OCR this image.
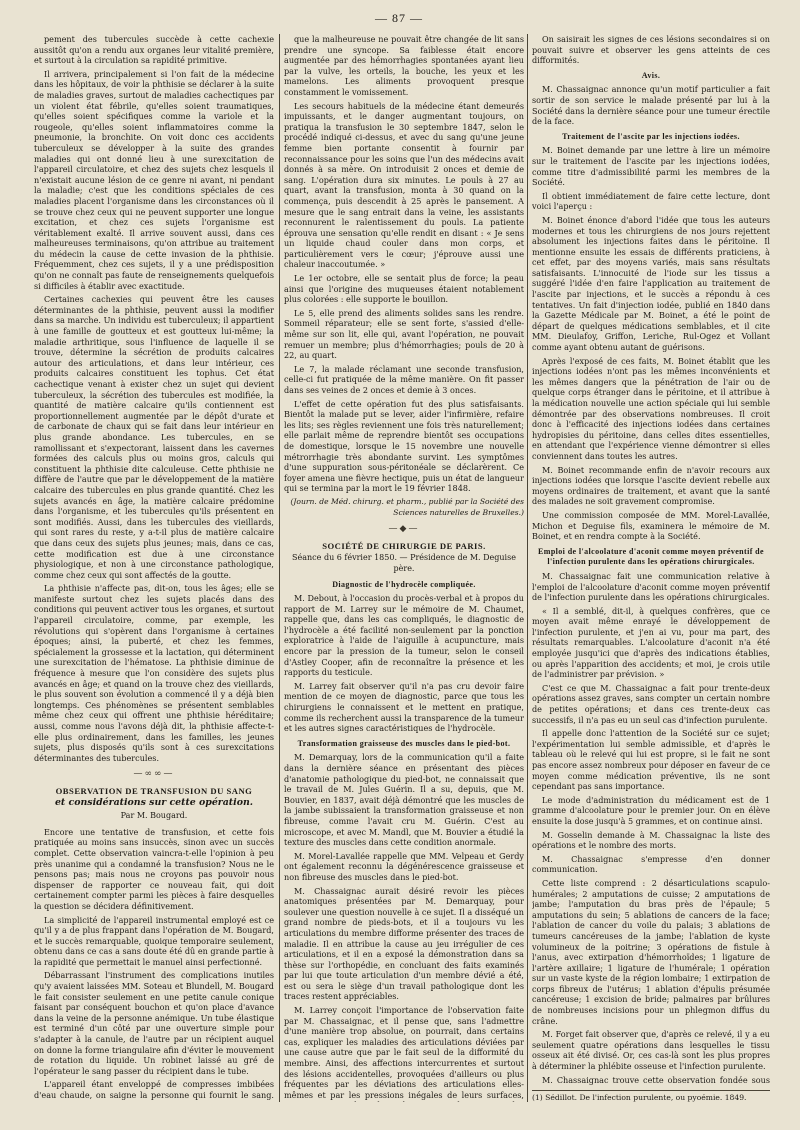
— 87 —

pement des tubercules succède à cette cachexie aussitôt qu'on a rendu aux organes leur vitalité première, et surtout à la circulation sa rapidité primitive.

Il arrivera, principalement si l'on fait de la médecine dans les hôpitaux, de voir la phthisie se déclarer à la suite de maladies graves, surtout de maladies cachectiques par un violent état fébrile, qu'elles soient traumatiques, qu'elles soient spécifiques comme la variole et la rougeole, qu'elles soient inflammatoires comme la pneumonie, la bronchite. On voit donc ces accidents tuberculeux se développer à la suite des grandes maladies qui ont donné lieu à une surexcitation de l'appareil circulatoire, et chez des sujets chez lesquels il n'existait aucune lésion de ce genre ni avant, ni pendant la maladie; c'est que les conditions spéciales de ces maladies placent l'organisme dans les circonstances où il se trouve chez ceux qui ne peuvent supporter une longue excitation, et chez ces sujets l'organisme est véritablement exalté. Il arrive souvent aussi, dans ces malheureuses terminaisons, qu'on attribue au traitement du médecin la cause de cette invasion de la phthisie. Fréquemment, chez ces sujets, il y a une prédisposition qu'on ne connaît pas faute de renseignements quelquefois si difficiles à établir avec exactitude.

Certaines cachexies qui peuvent être les causes déterminantes de la phthisie, peuvent aussi la modifier dans sa marche. Un individu est tuberculeux; il appartient à une famille de goutteux et est goutteux lui-même; la maladie arthritique, sous l'influence de laquelle il se trouve, détermine la sécrétion de produits calcaires autour des articulations, et dans leur intérieur, ces produits calcaires constituent les tophus. Cet état cachectique venant à exister chez un sujet qui devient tuberculeux, la sécrétion des tubercules est modifiée, la quantité de matière calcaire qu'ils contiennent est proportionnellement augmentée par le dépôt d'urate et de carbonate de chaux qui se fait dans leur intérieur en plus grande abondance. Les tubercules, en se ramollissant et s'expectorant, laissent dans les cavernes formées des calculs plus ou moins gros, calculs qui constituent la phthisie dite calculeuse. Cette phthisie ne diffère de l'autre que par le développement de la matière calcaire des tubercules en plus grande quantité. Chez les sujets avancés en âge, la matière calcaire prédomine dans l'organisme, et les tubercules qu'ils présentent en sont modifiés. Aussi, dans les tubercules des vieillards, qui sont rares du reste, y a-t-il plus de matière calcaire que dans ceux des sujets plus jeunes; mais, dans ce cas, cette modification est due à une circonstance physiologique, et non à une circonstance pathologique, comme chez ceux qui sont affectés de la goutte.

La phthisie n'affecte pas, dit-on, tous les âges; elle se manifeste surtout chez les sujets placés dans des conditions qui peuvent activer tous les organes, et surtout l'appareil circulatoire, comme, par exemple, les révolutions qui s'opèrent dans l'organisme à certaines époques; ainsi, la puberté, et chez les femmes, spécialement la grossesse et la lactation, qui déterminent une surexcitation de l'hématose. La phthisie diminue de fréquence à mesure que l'on considère des sujets plus avancés en âge; et quand on la trouve chez des vieillards, le plus souvent son évolution a commencé il y a déjà bien longtemps. Ces phénomènes se présentent semblables même chez ceux qui offrent une phthisie héréditaire; aussi, comme nous l'avons déjà dit, la phthisie affecte-t-elle plus ordinairement, dans les familles, les jeunes sujets, plus disposés qu'ils sont à ces surexcitations déterminantes des tubercules.

—∞∞—
OBSERVATION DE TRANSFUSION DU SANG
et considérations sur cette opération.
Par M. Bougard.

Encore une tentative de transfusion, et cette fois pratiquée au moins sans insuccès, sinon avec un succès complet. Cette observation vaincra-t-elle l'opinion à peu près unanime qui a condamné la transfusion? Nous ne le pensons pas; mais nous ne croyons pas pouvoir nous dispenser de rapporter ce nouveau fait, qui doit certainement compter parmi les pièces à faire desquelles la question se décidera définitivement.

La simplicité de l'appareil instrumental employé est ce qu'il y a de plus frappant dans l'opération de M. Bougard, et le succès remarquable, quoique temporaire seulement, obtenu dans ce cas a sans doute été dû en grande partie à la rapidité que permettait le manuel ainsi perfectionné.

Débarrassant l'instrument des complications inutiles qu'y avaient laissées MM. Soteau et Blundell, M. Bougard le fait consister seulement en une petite canule conique faisant par conséquent bouchon et qu'on place d'avance dans la veine de la personne anémique. Un tube élastique est terminé d'un côté par une ouverture simple pour s'adapter à la canule, de l'autre par un récipient auquel on donne la forme triangulaire afin d'éviter le mouvement de rotation du liquide. Un robinet laissé au gré de l'opérateur le sang passer du récipient dans le tube.

L'appareil étant enveloppé de compresses imbibées d'eau chaude, on saigne la personne qui fournit le sang.

que la malheureuse ne pouvait être changée de lit sans prendre une syncope. Sa faiblesse était encore augmentée par des hémorrhagies spontanées ayant lieu par la vulve, les orteils, la bouche, les yeux et les mamelons. Les aliments provoquent presque constamment le vomissement.

Les secours habituels de la médecine étant demeurés impuissants, et le danger augmentant toujours, on pratiqua la transfusion le 30 septembre 1847, selon le procédé indiqué ci-dessus, et avec du sang qu'une jeune femme bien portante consentit à fournir par reconnaissance pour les soins que l'un des médecins avait donnés à sa mère. On introduisit 2 onces et demie de sang. L'opération dura six minutes. Le pouls à 27 au quart, avant la transfusion, monta à 30 quand on la commença, puis descendit à 25 après le pansement. A mesure que le sang entrait dans la veine, les assistants reconnurent le ralentissement du pouls. La patiente éprouva une sensation qu'elle rendit en disant : « Je sens un liquide chaud couler dans mon corps, et particulièrement vers le cœur; j'éprouve aussi une chaleur inaccoutumée. »

Le 1er octobre, elle se sentait plus de force; la peau ainsi que l'origine des muqueuses étaient notablement plus colorées : elle supporte le bouillon.

Le 5, elle prend des aliments solides sans les rendre. Sommeil réparateur; elle se sent forte, s'assied d'elle-même sur son lit, elle qui, avant l'opération, ne pouvait remuer un membre; plus d'hémorrhagies; pouls de 20 à 22, au quart.

Le 7, la malade réclamant une seconde transfusion, celle-ci fut pratiquée de la même manière. On fit passer dans ses veines de 2 onces et demie à 3 onces.

L'effet de cette opération fut des plus satisfaisants. Bientôt la malade put se lever, aider l'infirmière, refaire les lits; ses règles reviennent une fois très naturellement; elle parlait même de reprendre bientôt ses occupations de domestique, lorsque le 15 novembre une nouvelle métrorrhagie très abondante survint. Les symptômes d'une suppuration sous-péritonéale se déclarèrent. Ce foyer amena une fièvre hectique, puis un état de langueur qui se termina par la mort le 19 février 1848.

(Journ. de Méd. chirurg. et pharm., publié par la Société des Sciences naturelles de Bruxelles.)
—◆—
SOCIÉTÉ DE CHIRURGIE DE PARIS.
Séance du 6 février 1850. — Présidence de M. Deguise père.
Diagnostic de l'hydrocèle compliquée.

M. Debout, à l'occasion du procès-verbal et à propos du rapport de M. Larrey sur le mémoire de M. Chaumet, rappelle que, dans les cas compliqués, le diagnostic de l'hydrocèle a été facilité non-seulement par la ponction exploratrice à l'aide de l'aiguille à acupuncture, mais encore par la pression de la tumeur, selon le conseil d'Astley Cooper, afin de reconnaître la présence et les rapports du testicule.

M. Larrey fait observer qu'il n'a pas cru devoir faire mention de ce moyen de diagnostic, parce que tous les chirurgiens le connaissent et le mettent en pratique, comme ils recherchent aussi la transparence de la tumeur et les autres signes caractéristiques de l'hydrocèle.

Transformation graisseuse des muscles dans le pied-bot.

M. Demarquay, lors de la communication qu'il a faite dans la dernière séance en présentant des pièces d'anatomie pathologique du pied-bot, ne connaissait que le travail de M. Jules Guérin. Il a su, depuis, que M. Bouvier, en 1837, avait déjà démontré que les muscles de la jambe subissaient la transformation graisseuse et non fibreuse, comme l'avait cru M. Guérin. C'est au microscope, et avec M. Mandl, que M. Bouvier a étudié la texture des muscles dans cette condition anormale.

M. Morel-Lavallée rappelle que MM. Velpeau et Gerdy ont également reconnu la dégénérescence graisseuse et non fibreuse des muscles dans le pied-bot.

M. Chassaignac aurait désiré revoir les pièces anatomiques présentées par M. Demarquay, pour soulever une question nouvelle à ce sujet. Il a disséqué un grand nombre de pieds-bots, et il a toujours vu les articulations du membre difforme présenter des traces de maladie. Il en attribue la cause au jeu irrégulier de ces articulations, et il en a exposé la démonstration dans sa thèse sur l'orthopédie, en concluant des faits examinés par lui que toute articulation d'un membre dévié a été, est ou sera le siège d'un travail pathologique dont les traces restent appréciables.

M. Larrey conçoit l'importance de l'observation faite par M. Chassaignac, et il pense que, sans l'admettre d'une manière trop absolue, on pourrait, dans certains cas, expliquer les maladies des articulations déviées par une cause autre que par le fait seul de la difformité du membre. Ainsi, des affections intercurrentes et surtout des lésions accidentelles, provoquées d'ailleurs ou plus fréquentes par les déviations des articulations elles-mêmes et par les pressions inégales de leurs surfaces,

On saisirait les signes de ces lésions secondaires si on pouvait suivre et observer les gens atteints de ces difformités.

Avis.

M. Chassaignac annonce qu'un motif particulier a fait sortir de son service le malade présenté par lui à la Société dans la dernière séance pour une tumeur érectile de la face.

Traitement de l'ascite par les injections iodées.

M. Boinet demande par une lettre à lire un mémoire sur le traitement de l'ascite par les injections iodées, comme titre d'admissibilité parmi les membres de la Société.

Il obtient immédiatement de faire cette lecture, dont voici l'aperçu :

M. Boinet énonce d'abord l'idée que tous les auteurs modernes et tous les chirurgiens de nos jours rejettent absolument les injections faites dans le péritoine. Il mentionne ensuite les essais de différents praticiens, à cet effet, par des moyens variés, mais sans résultats satisfaisants. L'innocuité de l'iode sur les tissus a suggéré l'idée d'en faire l'application au traitement de l'ascite par injections, et le succès a répondu à ces tentatives. Un fait d'injection iodée, publié en 1840 dans la Gazette Médicale par M. Boinet, a été le point de départ de quelques médications semblables, et il cite MM. Dieulafoy, Griffon, Leriche, Rul-Ogez et Vollant comme ayant obtenu autant de guérisons.

Après l'exposé de ces faits, M. Boinet établit que les injections iodées n'ont pas les mêmes inconvénients et les mêmes dangers que la pénétration de l'air ou de quelque corps étranger dans le péritoine, et il attribue à la médication nouvelle une action spéciale qui lui semble démontrée par des observations nombreuses. Il croit donc à l'efficacité des injections iodées dans certaines hydropisies du péritoine, dans celles dites essentielles, en attendant que l'expérience vienne démontrer si elles conviennent dans toutes les autres.

M. Boinet recommande enfin de n'avoir recours aux injections iodées que lorsque l'ascite devient rebelle aux moyens ordinaires de traitement, et avant que la santé des malades ne soit gravement compromise.

Une commission composée de MM. Morel-Lavallée, Michon et Deguise fils, examinera le mémoire de M. Boinet, et en rendra compte à la Société.

Emploi de l'alcoolature d'aconit comme moyen préventif de l'infection purulente dans les opérations chirurgicales.

M. Chassaignac fait une communication relative à l'emploi de l'alcoolature d'aconit comme moyen préventif de l'infection purulente dans les opérations chirurgicales.

« Il a semblé, dit-il, à quelques confrères, que ce moyen avait même enrayé le développement de l'infection purulente, et j'en ai vu, pour ma part, des résultats remarquables. L'alcoolature d'aconit n'a été employée jusqu'ici que d'après des indications établies, ou après l'apparition des accidents; et moi, je crois utile de l'administrer par prévision. »

C'est ce que M. Chassaignac a fait pour trente-deux opérations assez graves, sans compter un certain nombre de petites opérations; et dans ces trente-deux cas successifs, il n'a pas eu un seul cas d'infection purulente.

Il appelle donc l'attention de la Société sur ce sujet; l'expérimentation lui semble admissible, et d'après le tableau où le relevé qui lui est propre, si le fait ne sont pas encore assez nombreux pour déposer en faveur de ce moyen comme médication préventive, ils ne sont cependant pas sans importance.

Le mode d'administration du médicament est de 1 gramme d'alcoolature pour le premier jour. On en élève ensuite la dose jusqu'à 5 grammes, et on continue ainsi.

M. Gosselin demande à M. Chassaignac la liste des opérations et le nombre des morts.

M. Chassaignac s'empresse d'en donner communication.

Cette liste comprend : 2 désarticulations scapulo-humérales; 2 amputations de cuisse; 2 amputations de jambe; l'amputation du bras près de l'épaule; 5 amputations du sein; 5 ablations de cancers de la face; l'ablation de cancer du voile du palais; 3 ablations de tumeurs cancéreuses de la jambe; l'ablation de kyste volumineux de la poitrine; 3 opérations de fistule à l'anus, avec extirpation d'hémorrhoïdes; 1 ligature de l'artère axillaire; 1 ligature de l'humérale; 1 opération sur un vaste kyste de la région lombaire; 1 extirpation de corps fibreux de l'utérus; 1 ablation d'épulis présumée cancéreuse; 1 excision de bride; palmaires par brûlures de nombreuses incisions pour un phlegmon diffus du crâne.

M. Forget fait observer que, d'après ce relevé, il y a eu seulement quatre opérations dans lesquelles le tissu osseux ait été divisé. Or, ces cas-là sont les plus propres à déterminer la phlébite osseuse et l'infection purulente.

M. Chassaignac trouve cette observation fondée sous

(1) Sédillot. De l'infection purulente, ou pyoémie. 1849.
